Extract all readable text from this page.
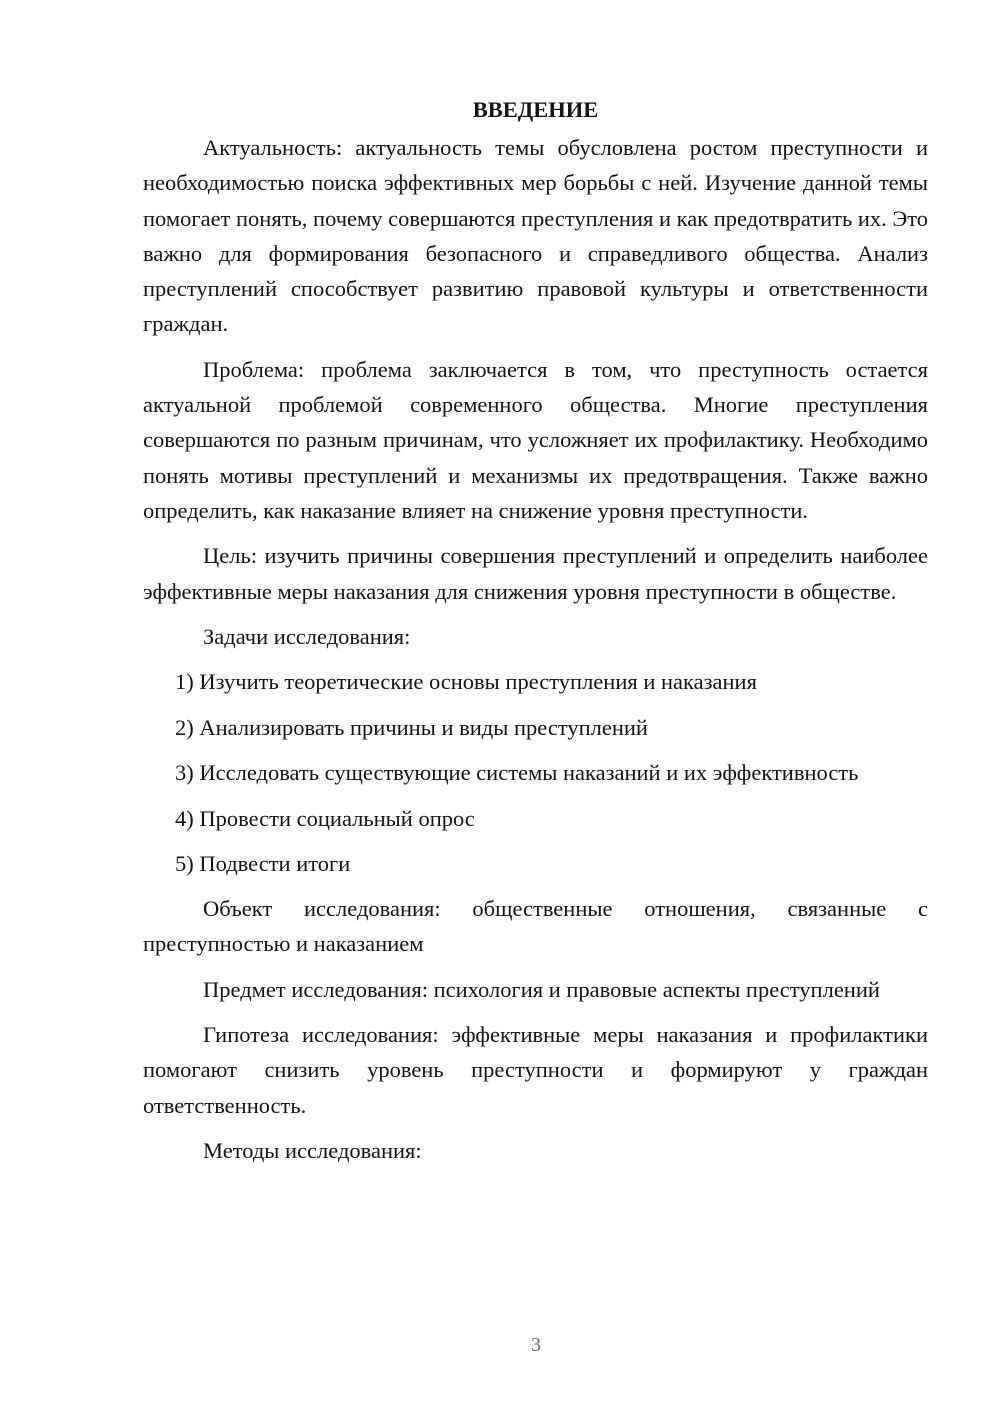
ВВЕДЕНИЕ

Актуальность: актуальность темы обусловлена ростом преступности и необходимостью поиска эффективных мер борьбы с ней. Изучение данной темы помогает понять, почему совершаются преступления и как предотвратить их. Это важно для формирования безопасного и справедливого общества. Анализ преступлений способствует развитию правовой культуры и ответственности граждан.

Проблема: проблема заключается в том, что преступность остается актуальной проблемой современного общества. Многие преступления совершаются по разным причинам, что усложняет их профилактику. Необходимо понять мотивы преступлений и механизмы их предотвращения. Также важно определить, как наказание влияет на снижение уровня преступности.

Цель: изучить причины совершения преступлений и определить наиболее эффективные меры наказания для снижения уровня преступности в обществе.

Задачи исследования:

1) Изучить теоретические основы преступления и наказания

2) Анализировать причины и виды преступлений

3) Исследовать существующие системы наказаний и их эффективность

4) Провести социальный опрос

5) Подвести итоги

Объект исследования: общественные отношения, связанные с преступностью и наказанием

Предмет исследования: психология и правовые аспекты преступлений

Гипотеза исследования: эффективные меры наказания и профилактики помогают снизить уровень преступности и формируют у граждан ответственность.

Методы исследования:

3
